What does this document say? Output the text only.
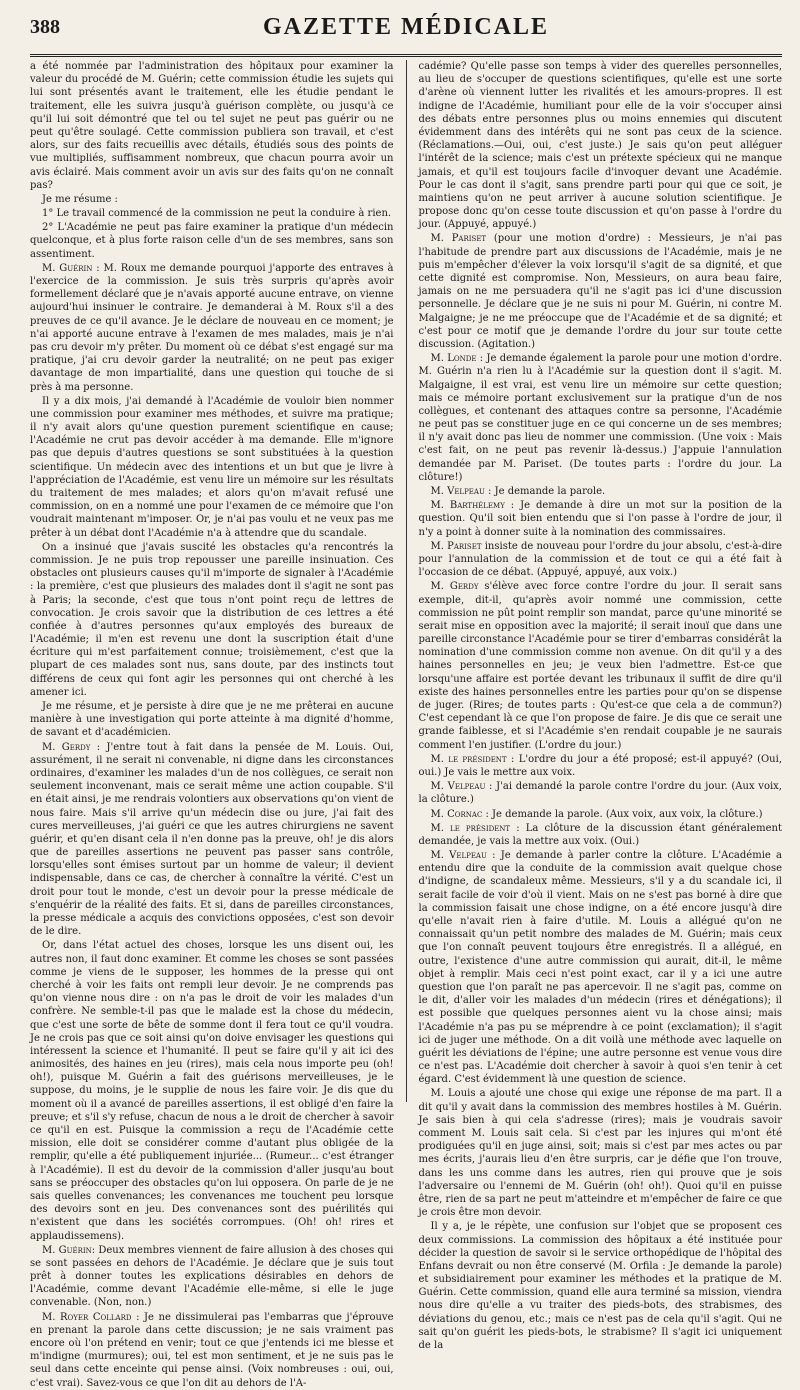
388	GAZETTE MÉDICALE

a été nommée par l'administration des hôpitaux pour examiner la valeur du procédé de M. Guérin; cette commission étudie les sujets qui lui sont présentés avant le traitement, elle les étudie pendant le traitement, elle les suivra jusqu'à guérison complète, ou jusqu'à ce qu'il lui soit démontré que tel ou tel sujet ne peut pas guérir ou ne peut qu'être soulagé. Cette commission publiera son travail, et c'est alors, sur des faits recueillis avec détails, étudiés sous des points de vue multipliés, suffisamment nombreux, que chacun pourra avoir un avis éclairé. Mais comment avoir un avis sur des faits qu'on ne connaît pas?

Je me résume :

1° Le travail commencé de la commission ne peut la conduire à rien.

2° L'Académie ne peut pas faire examiner la pratique d'un médecin quelconque, et à plus forte raison celle d'un de ses membres, sans son assentiment.

M. Guérin : M. Roux me demande pourquoi j'apporte des entraves à l'exercice de la commission. Je suis très surpris qu'après avoir formellement déclaré que je n'avais apporté aucune entrave, on vienne aujourd'hui insinuer le contraire. Je demanderai à M. Roux s'il a des preuves de ce qu'il avance. Je le déclare de nouveau en ce moment; je n'ai apporté aucune entrave à l'examen de mes malades, mais je n'ai pas cru devoir m'y prêter. Du moment où ce débat s'est engagé sur ma pratique, j'ai cru devoir garder la neutralité; on ne peut pas exiger davantage de mon impartialité, dans une question qui touche de si près à ma personne.

Il y a dix mois, j'ai demandé à l'Académie de vouloir bien nommer une commission pour examiner mes méthodes, et suivre ma pratique; il n'y avait alors qu'une question purement scientifique en cause; l'Académie ne crut pas devoir accéder à ma demande. Elle m'ignore pas que depuis d'autres questions se sont substituées à la question scientifique. Un médecin avec des intentions et un but que je livre à l'appréciation de l'Académie, est venu lire un mémoire sur les résultats du traitement de mes malades; et alors qu'on m'avait refusé une commission, on en a nommé une pour l'examen de ce mémoire que l'on voudrait maintenant m'imposer. Or, je n'ai pas voulu et ne veux pas me prêter à un débat dont l'Académie n'a à attendre que du scandale.

On a insinué que j'avais suscité les obstacles qu'a rencontrés la commission. Je ne puis trop repousser une pareille insinuation. Ces obstacles ont plusieurs causes qu'il m'importe de signaler à l'Académie : la première, c'est que plusieurs des malades dont il s'agit ne sont pas à Paris; la seconde, c'est que tous n'ont point reçu de lettres de convocation. Je crois savoir que la distribution de ces lettres a été confiée à d'autres personnes qu'aux employés des bureaux de l'Académie; il m'en est revenu une dont la suscription était d'une écriture qui m'est parfaitement connue; troisièmement, c'est que la plupart de ces malades sont nus, sans doute, par des instincts tout différens de ceux qui font agir les personnes qui ont cherché à les amener ici.

Je me résume, et je persiste à dire que je ne me prêterai en aucune manière à une investigation qui porte atteinte à ma dignité d'homme, de savant et d'académicien.

M. Gerdy : J'entre tout à fait dans la pensée de M. Louis. Oui, assurément, il ne serait ni convenable, ni digne dans les circonstances ordinaires, d'examiner les malades d'un de nos collègues, ce serait non seulement inconvenant, mais ce serait même une action coupable. S'il en était ainsi, je me rendrais volontiers aux observations qu'on vient de nous faire. Mais s'il arrive qu'un médecin dise ou jure, j'ai fait des cures merveilleuses, j'ai guéri ce que les autres chirurgiens ne savent guérir, et qu'en disant cela il n'en donne pas la preuve, oh! je dis alors que de pareilles assertions ne peuvent pas passer sans contrôle, lorsqu'elles sont émises surtout par un homme de valeur; il devient indispensable, dans ce cas, de chercher à connaître la vérité. C'est un droit pour tout le monde, c'est un devoir pour la presse médicale de s'enquérir de la réalité des faits. Et si, dans de pareilles circonstances, la presse médicale a acquis des convictions opposées, c'est son devoir de le dire.

Or, dans l'état actuel des choses, lorsque les uns disent oui, les autres non, il faut donc examiner. Et comme les choses se sont passées comme je viens de le supposer, les hommes de la presse qui ont cherché à voir les faits ont rempli leur devoir. Je ne comprends pas qu'on vienne nous dire : on n'a pas le droit de voir les malades d'un confrère. Ne semble-t-il pas que le malade est la chose du médecin, que c'est une sorte de bête de somme dont il fera tout ce qu'il voudra. Je ne crois pas que ce soit ainsi qu'on doive envisager les questions qui intéressent la science et l'humanité. Il peut se faire qu'il y ait ici des animosités, des haines en jeu (rires), mais cela nous importe peu (oh! oh!), puisque M. Guérin a fait des guérisons merveilleuses, je le suppose, du moins, je le supplie de nous les faire voir. Je dis que du moment où il a avancé de pareilles assertions, il est obligé d'en faire la preuve; et s'il s'y refuse, chacun de nous a le droit de chercher à savoir ce qu'il en est. Puisque la commission a reçu de l'Académie cette mission, elle doit se considérer comme d'autant plus obligée de la remplir, qu'elle a été publiquement injuriée... (Rumeur... c'est étranger à l'Académie). Il est du devoir de la commission d'aller jusqu'au bout sans se préoccuper des obstacles qu'on lui opposera. On parle de je ne sais quelles convenances; les convenances me touchent peu lorsque des devoirs sont en jeu. Des convenances sont des puérilités qui n'existent que dans les sociétés corrompues. (Oh! oh! rires et applaudissemens).

M. Guérin: Deux membres viennent de faire allusion à des choses qui se sont passées en dehors de l'Académie. Je déclare que je suis tout prêt à donner toutes les explications désirables en dehors de l'Académie, comme devant l'Académie elle-même, si elle le juge convenable. (Non, non.)

M. Royer Collard : Je ne dissimulerai pas l'embarras que j'éprouve en prenant la parole dans cette discussion; je ne sais vraiment pas encore où l'on prétend en venir; tout ce que j'entends ici me blesse et m'indigne (murmures); oui, tel est mon sentiment, et je ne suis pas le seul dans cette enceinte qui pense ainsi. (Voix nombreuses : oui, oui, c'est vrai). Savez-vous ce que l'on dit au dehors de l'A-

cadémie? Qu'elle passe son temps à vider des querelles personnelles, au lieu de s'occuper de questions scientifiques, qu'elle est une sorte d'arène où viennent lutter les rivalités et les amours-propres. Il est indigne de l'Académie, humiliant pour elle de la voir s'occuper ainsi des débats entre personnes plus ou moins ennemies qui discutent évidemment dans des intérêts qui ne sont pas ceux de la science. (Réclamations.—Oui, oui, c'est juste.) Je sais qu'on peut alléguer l'intérêt de la science; mais c'est un prétexte spécieux qui ne manque jamais, et qu'il est toujours facile d'invoquer devant une Académie. Pour le cas dont il s'agit, sans prendre parti pour qui que ce soit, je maintiens qu'on ne peut arriver à aucune solution scientifique. Je propose donc qu'on cesse toute discussion et qu'on passe à l'ordre du jour. (Appuyé, appuyé.)

M. Pariset (pour une motion d'ordre) : Messieurs, je n'ai pas l'habitude de prendre part aux discussions de l'Académie, mais je ne puis m'empêcher d'élever la voix lorsqu'il s'agit de sa dignité, et que cette dignité est compromise. Non, Messieurs, on aura beau faire, jamais on ne me persuadera qu'il ne s'agit pas ici d'une discussion personnelle. Je déclare que je ne suis ni pour M. Guérin, ni contre M. Malgaigne; je ne me préoccupe que de l'Académie et de sa dignité; et c'est pour ce motif que je demande l'ordre du jour sur toute cette discussion. (Agitation.)

M. Londe : Je demande également la parole pour une motion d'ordre. M. Guérin n'a rien lu à l'Académie sur la question dont il s'agit. M. Malgaigne, il est vrai, est venu lire un mémoire sur cette question; mais ce mémoire portant exclusivement sur la pratique d'un de nos collègues, et contenant des attaques contre sa personne, l'Académie ne peut pas se constituer juge en ce qui concerne un de ses membres; il n'y avait donc pas lieu de nommer une commission. (Une voix : Mais c'est fait, on ne peut pas revenir là-dessus.) J'appuie l'annulation demandée par M. Pariset. (De toutes parts : l'ordre du jour. La clôture!)

M. Velpeau : Je demande la parole.

M. Barthélemy : Je demande à dire un mot sur la position de la question. Qu'il soit bien entendu que si l'on passe à l'ordre de jour, il n'y a point à donner suite à la nomination des commissaires.

M. Pariset insiste de nouveau pour l'ordre du jour absolu, c'est-à-dire pour l'annulation de la commission et de tout ce qui a été fait à l'occasion de ce débat. (Appuyé, appuyé, aux voix.)

M. Gerdy s'élève avec force contre l'ordre du jour. Il serait sans exemple, dit-il, qu'après avoir nommé une commission, cette commission ne pût point remplir son mandat, parce qu'une minorité se serait mise en opposition avec la majorité; il serait inouï que dans une pareille circonstance l'Académie pour se tirer d'embarras considérât la nomination d'une commission comme non avenue. On dit qu'il y a des haines personnelles en jeu; je veux bien l'admettre. Est-ce que lorsqu'une affaire est portée devant les tribunaux il suffit de dire qu'il existe des haines personnelles entre les parties pour qu'on se dispense de juger. (Rires; de toutes parts : Qu'est-ce que cela a de commun?) C'est cependant là ce que l'on propose de faire. Je dis que ce serait une grande faiblesse, et si l'Académie s'en rendait coupable je ne saurais comment l'en justifier. (L'ordre du jour.)

M. le président : L'ordre du jour a été proposé; est-il appuyé? (Oui, oui.) Je vais le mettre aux voix.

M. Velpeau : J'ai demandé la parole contre l'ordre du jour. (Aux voix, la clôture.)

M. Cornac : Je demande la parole. (Aux voix, aux voix, la clôture.)

M. le président : La clôture de la discussion étant généralement demandée, je vais la mettre aux voix. (Oui.)

M. Velpeau : Je demande à parler contre la clôture. L'Académie a entendu dire que la conduite de la commission avait quelque chose d'indigne, de scandaleux même. Messieurs, s'il y a du scandale ici, il serait facile de voir d'où il vient. Mais on ne s'est pas borné à dire que la commission faisait une chose indigne, on a été encore jusqu'à dire qu'elle n'avait rien à faire d'utile. M. Louis a allégué qu'on ne connaissait qu'un petit nombre des malades de M. Guérin; mais ceux que l'on connaît peuvent toujours être enregistrés. Il a allégué, en outre, l'existence d'une autre commission qui aurait, dit-il, le même objet à remplir. Mais ceci n'est point exact, car il y a ici une autre question que l'on paraît ne pas apercevoir. Il ne s'agit pas, comme on le dit, d'aller voir les malades d'un médecin (rires et dénégations); il est possible que quelques personnes aient vu la chose ainsi; mais l'Académie n'a pas pu se méprendre à ce point (exclamation); il s'agit ici de juger une méthode. On a dit voilà une méthode avec laquelle on guérit les déviations de l'épine; une autre personne est venue vous dire ce n'est pas. L'Académie doit chercher à savoir à quoi s'en tenir à cet égard. C'est évidemment là une question de science.

M. Louis a ajouté une chose qui exige une réponse de ma part. Il a dit qu'il y avait dans la commission des membres hostiles à M. Guérin. Je sais bien à qui cela s'adresse (rires); mais je voudrais savoir comment M. Louis sait cela. Si c'est par les injures qui m'ont été prodiguées qu'il en juge ainsi, soit; mais si c'est par mes actes ou par mes écrits, j'aurais lieu d'en être surpris, car je défie que l'on trouve, dans les uns comme dans les autres, rien qui prouve que je sois l'adversaire ou l'ennemi de M. Guérin (oh! oh!). Quoi qu'il en puisse être, rien de sa part ne peut m'atteindre et m'empêcher de faire ce que je crois être mon devoir.

Il y a, je le répète, une confusion sur l'objet que se proposent ces deux commissions. La commission des hôpitaux a été instituée pour décider la question de savoir si le service orthopédique de l'hôpital des Enfans devrait ou non être conservé (M. Orfila : Je demande la parole) et subsidiairement pour examiner les méthodes et la pratique de M. Guérin. Cette commission, quand elle aura terminé sa mission, viendra nous dire qu'elle a vu traiter des pieds-bots, des strabismes, des déviations du genou, etc.; mais ce n'est pas de cela qu'il s'agit. Qui ne sait qu'on guérit les pieds-bots, le strabisme? Il s'agit ici uniquement de la
